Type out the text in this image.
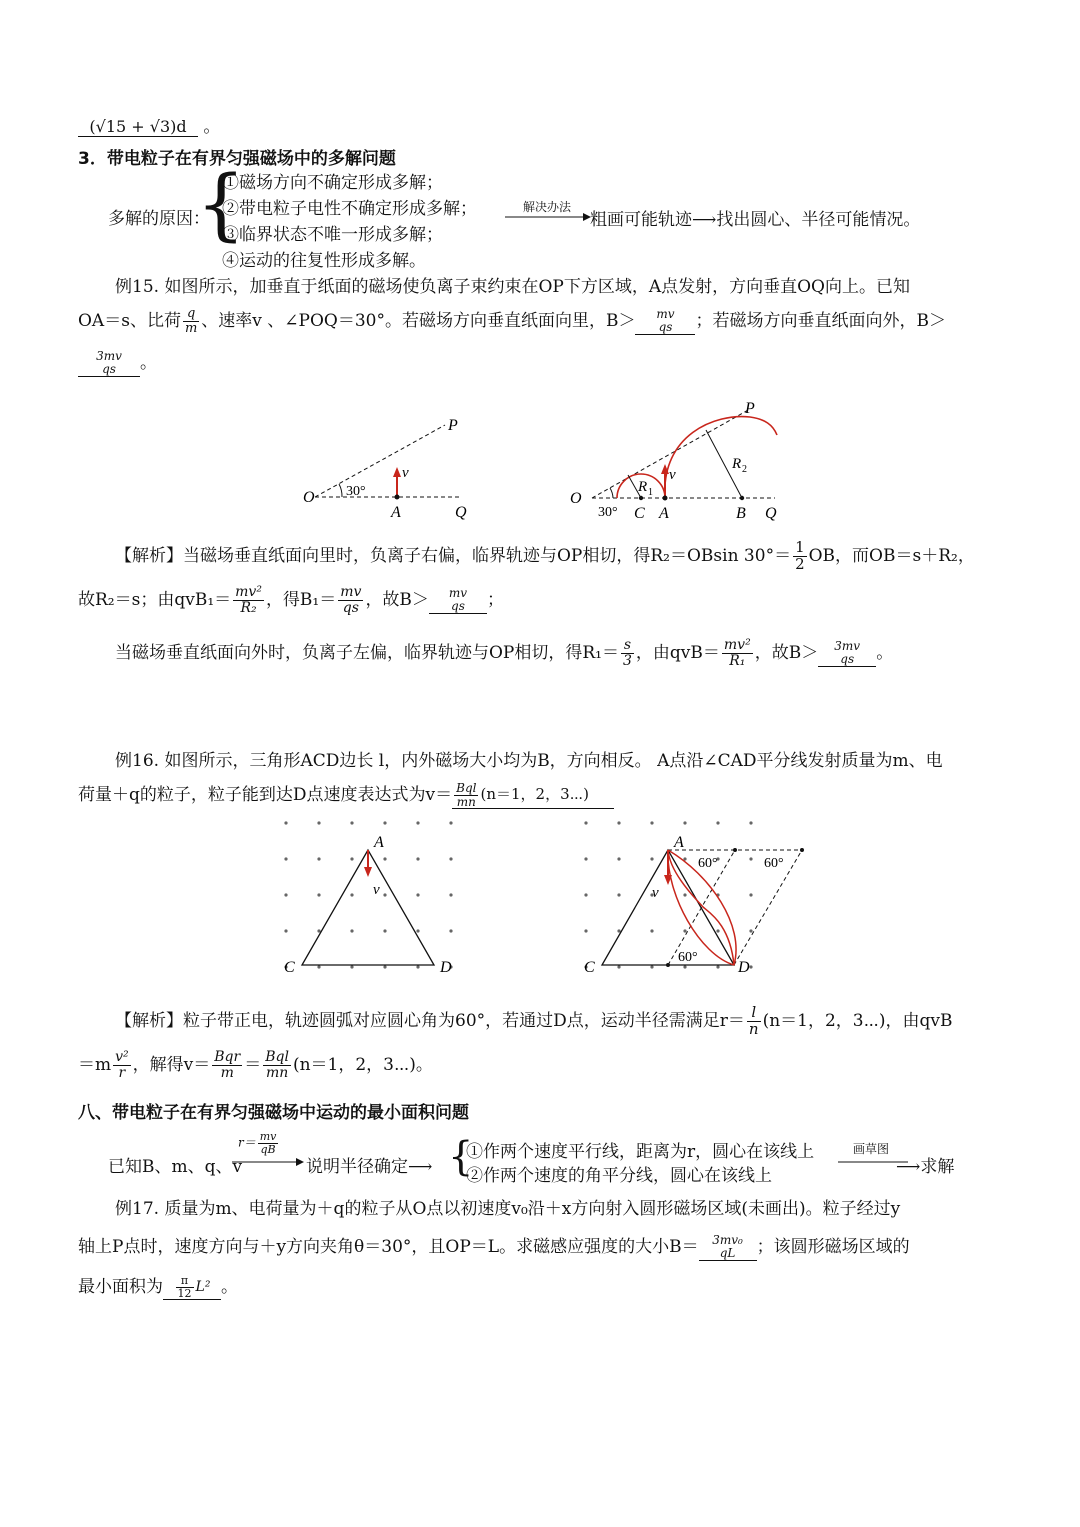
(√15 + √3)d 。
3．带电粒子在有界匀强磁场中的多解问题
多解的原因：
{
①磁场方向不确定形成多解；
②带电粒子电性不确定形成多解；
③临界状态不唯一形成多解；
④运动的往复性形成多解。
解决办法
粗画可能轨迹⟶找出圆心、半径可能情况。
例15. 如图所示，加垂直于纸面的磁场使负离子束约束在OP下方区域，A点发射，方向垂直OQ向上。已知
OA＝s、比荷 $\frac{q}{m}$ 、速率v 、∠POQ＝30°。若磁场方向垂直纸面向里，B＞	mv
qs	；若磁场方向垂直纸面向外，B＞
3mv
qs	。
O
P
A	Q
v
30°	O
P
C A	B Q
v
30°
R 1
R 2
【解析】当磁场垂直纸面向里时，负离子右偏，临界轨迹与OP相切，得R₂＝OBsin $30^\circ= \frac{1}{2}$ OB，而OB＝s＋R₂，
故R₂＝s；由$qvB_1= \frac{\text{mv²}}{\text{R₂}}$ ，得$B_1= \frac{mv}{qs}$ ，故B＞	mv
qs	；
当磁场垂直纸面向外时，负离子左偏，临界轨迹与OP相切，得$R_1= \frac{s}{3}$ ，由$qvB= \frac{\text{mv²}}{\text{R₁}}$ ，故B＞	3mv
qs	。
例16. 如图所示，三角形ACD边长 l，内外磁场大小均为B，方向相反。 A点沿∠CAD平分线发射质量为m、电
荷量＋q的粒子，粒子能到达D点速度表达式为$v= \frac{\text{Bql}}{mn} (n=1$，2，3⋯)
A
C	D
v
A
C	D
v
60°	60°
60°
【解析】粒子带正电，轨迹圆弧对应圆心角为60°，若通过D点，运动半径需满足$r= \frac{l}{n} (n=1$，2，3⋯)，由qvB
$=m \frac{\text{v²}}{r}$ ，解得$v= \frac{\text{Bqr}}{m} = \frac{\text{Bql}}{mn} (n=1$，2，3⋯)。
八、带电粒子在有界匀强磁场中运动的最小面积问题
已知B、m、q、v
$r= \frac{mv}{qB}$
说明半径确定⟶ {
①作两个速度平行线，距离为r，圆心在该线上
②作两个速度的角平分线，圆心在该线上
画草图
⟶求解
例17. 质量为m、电荷量为＋q的粒子从O点以初速度v₀沿＋x方向射入圆形磁场区域(未画出)。粒子经过y
轴上P点时，速度方向与＋y方向夹角θ＝30°，且OP＝L。求磁感应强度的大小B＝	3mv₀
qL	；该圆形磁场区域的
最小面积为 $\frac{\pi}{12} L^2$ 。
